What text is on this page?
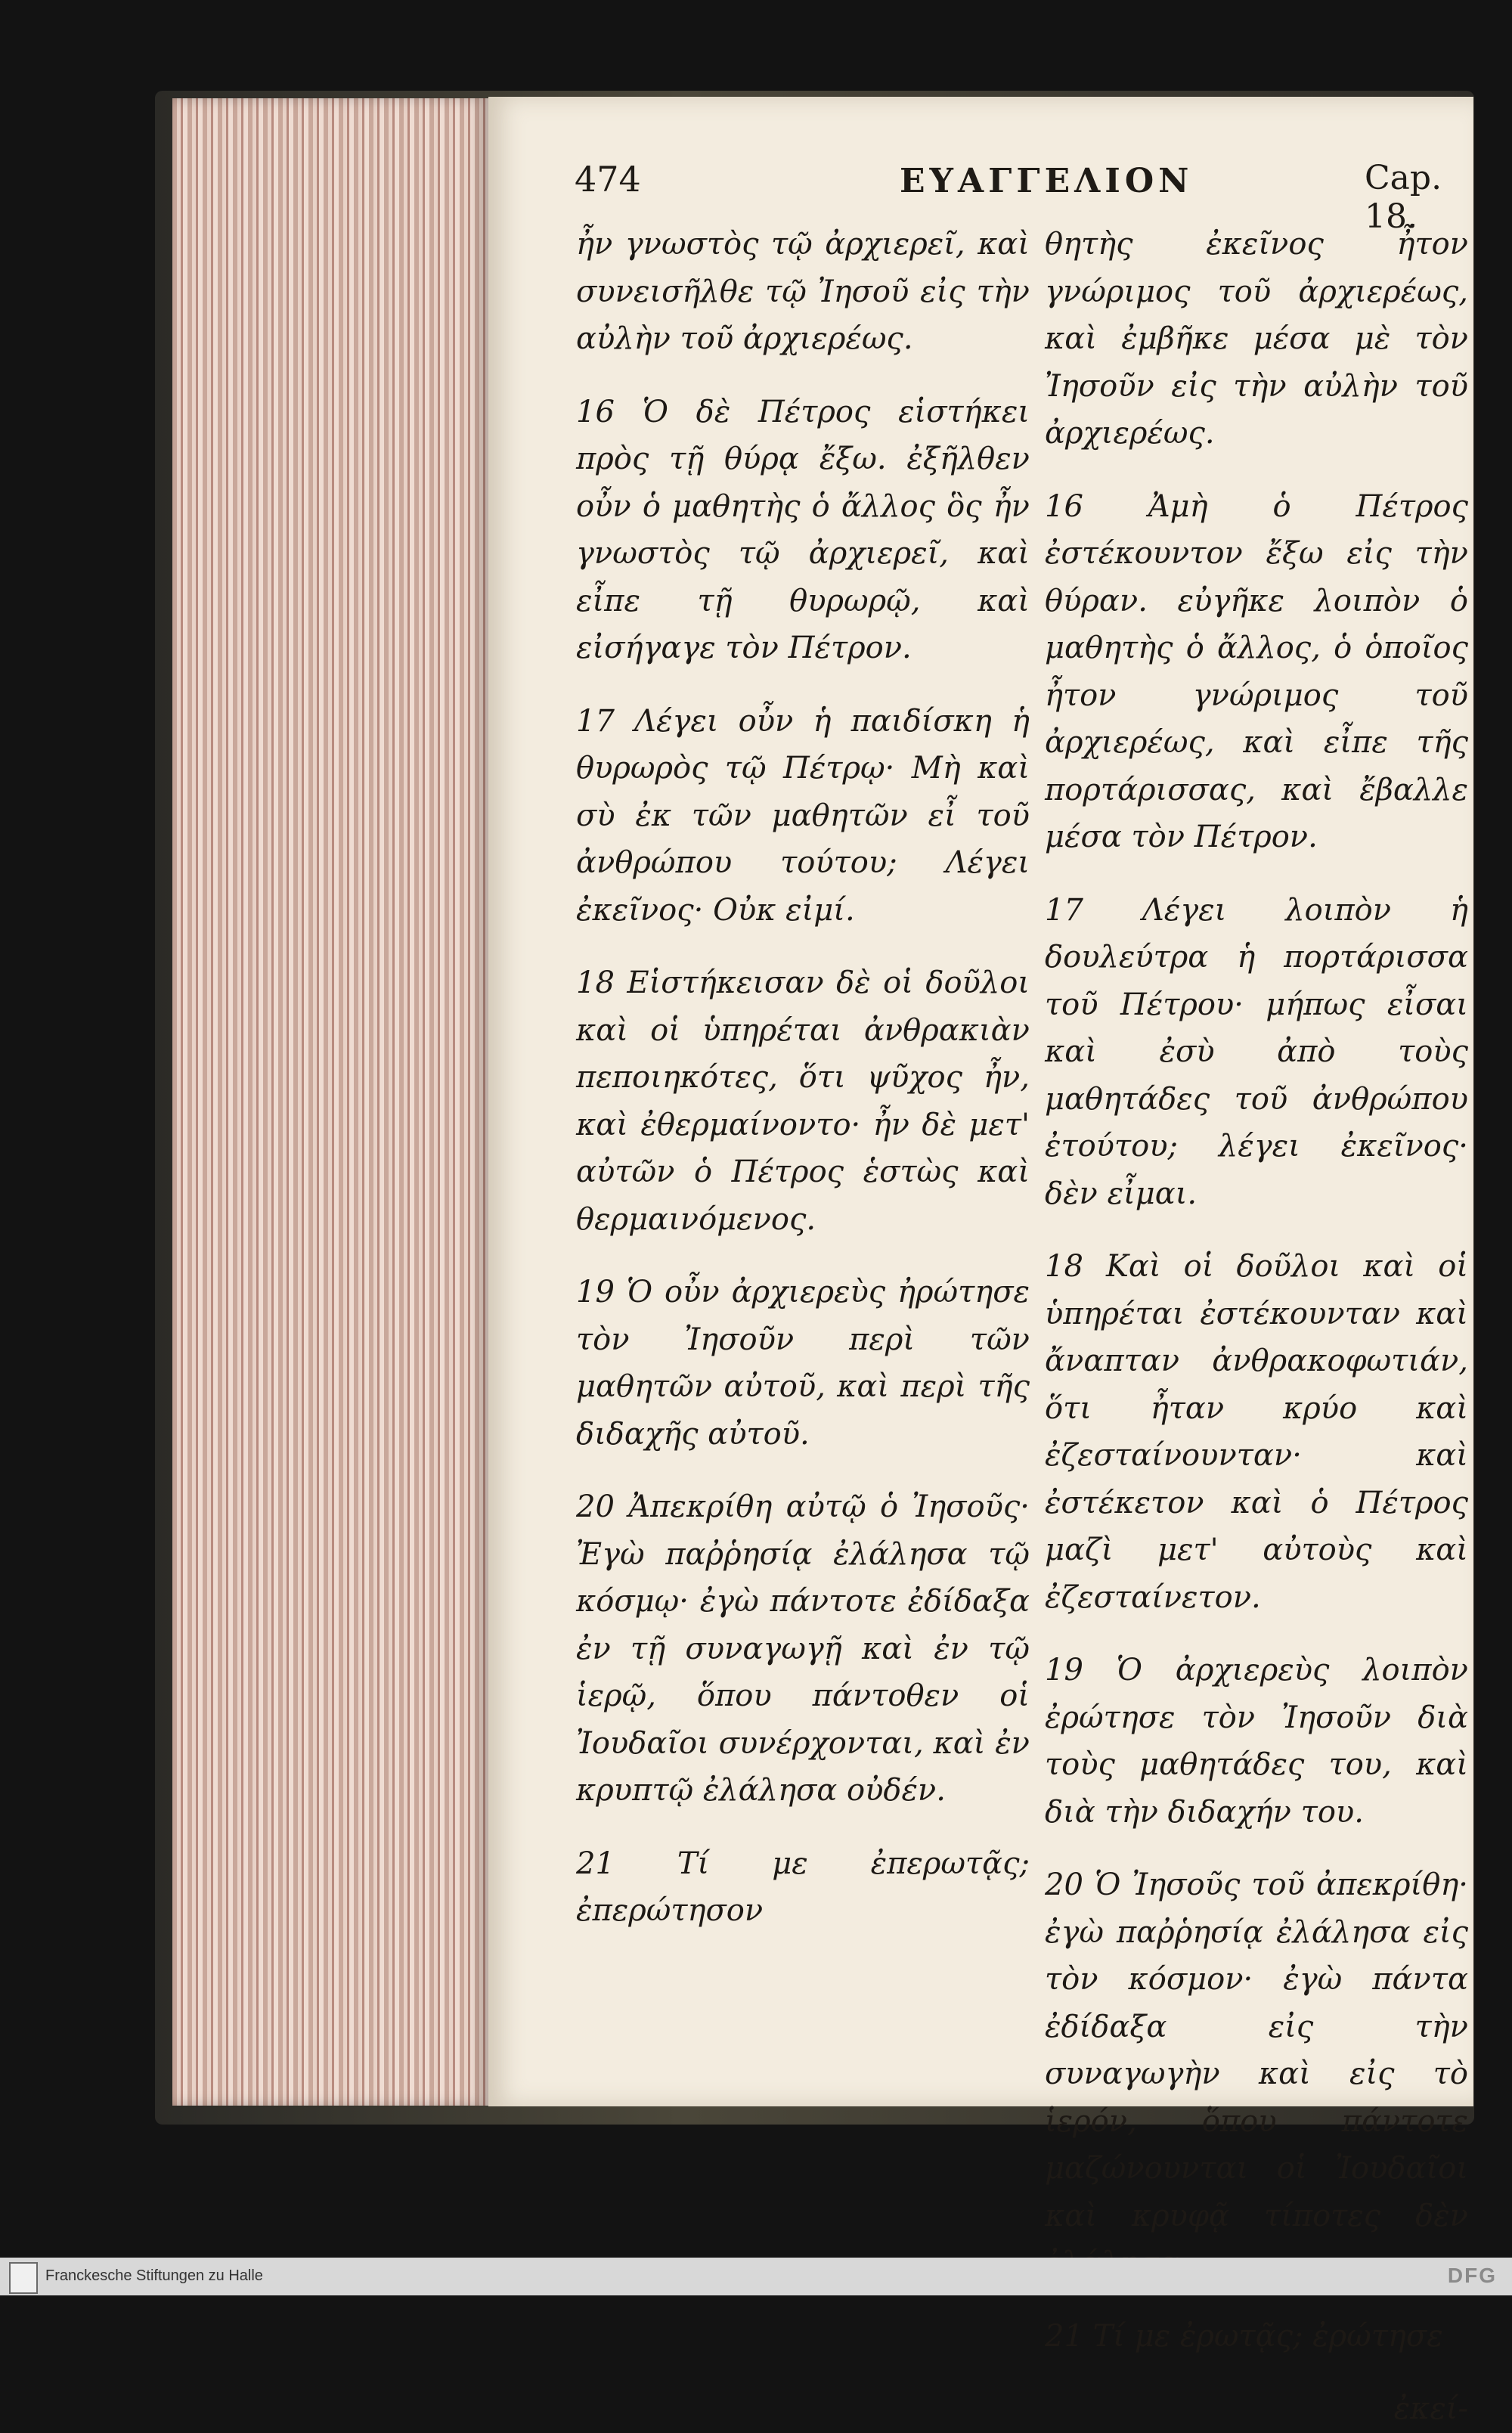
474	ΕΥΑΓΓΕΛΙΟΝ	Cap. 18.

ἦν γνωστὸς τῷ ἀρχιερεῖ, καὶ συνεισῆλθε τῷ Ἰησοῦ εἰς τὴν αὐλὴν τοῦ ἀρχιερέως.

16 Ὁ δὲ Πέτρος εἱστήκει πρὸς τῇ θύρᾳ ἔξω. ἐξῆλθεν οὖν ὁ μαθητὴς ὁ ἄλλος ὃς ἦν γνωστὸς τῷ ἀρχιερεῖ, καὶ εἶπε τῇ θυρωρῷ, καὶ εἰσήγαγε τὸν Πέτρον.

17 Λέγει οὖν ἡ παιδίσκη ἡ θυρωρὸς τῷ Πέτρῳ· Μὴ καὶ σὺ ἐκ τῶν μαθητῶν εἶ τοῦ ἀνθρώπου τούτου; Λέγει ἐκεῖνος· Οὐκ εἰμί.

18 Εἱστήκεισαν δὲ οἱ δοῦλοι καὶ οἱ ὑπηρέται ἀνθρακιὰν πεποιηκότες, ὅτι ψῦχος ἦν, καὶ ἐθερμαίνοντο· ἦν δὲ μετ' αὐτῶν ὁ Πέτρος ἑστὼς καὶ θερμαινόμενος.

19 Ὁ οὖν ἀρχιερεὺς ἠρώτησε τὸν Ἰησοῦν περὶ τῶν μαθητῶν αὐτοῦ, καὶ περὶ τῆς διδαχῆς αὐτοῦ.

20 Ἀπεκρίθη αὐτῷ ὁ Ἰησοῦς· Ἐγὼ παῤῥησίᾳ ἐλάλησα τῷ κόσμῳ· ἐγὼ πάντοτε ἐδίδαξα ἐν τῇ συναγωγῇ καὶ ἐν τῷ ἱερῷ, ὅπου πάντοθεν οἱ Ἰουδαῖοι συνέρχονται, καὶ ἐν κρυπτῷ ἐλάλησα οὐδέν.

21 Τί με ἐπερωτᾷς; ἐπερώτησον

θητὴς ἐκεῖνος ἦτον γνώριμος τοῦ ἀρχιερέως, καὶ ἐμβῆκε μέσα μὲ τὸν Ἰησοῦν εἰς τὴν αὐλὴν τοῦ ἀρχιερέως.

16 Ἀμὴ ὁ Πέτρος ἐστέκουντον ἔξω εἰς τὴν θύραν. εὐγῆκε λοιπὸν ὁ μαθητὴς ὁ ἄλλος, ὁ ὁποῖος ἦτον γνώριμος τοῦ ἀρχιερέως, καὶ εἶπε τῆς πορτάρισσας, καὶ ἔβαλλε μέσα τὸν Πέτρον.

17 Λέγει λοιπὸν ἡ δουλεύτρα ἡ πορτάρισσα τοῦ Πέτρου· μήπως εἶσαι καὶ ἐσὺ ἀπὸ τοὺς μαθητάδες τοῦ ἀνθρώπου ἐτούτου; λέγει ἐκεῖνος· δὲν εἶμαι.

18 Καὶ οἱ δοῦλοι καὶ οἱ ὑπηρέται ἐστέκουνταν καὶ ἄναπταν ἀνθρακοφωτιάν, ὅτι ἦταν κρύο καὶ ἐζεσταίνουνταν· καὶ ἐστέκετον καὶ ὁ Πέτρος μαζὶ μετ' αὐτοὺς καὶ ἐζεσταίνετον.

19 Ὁ ἀρχιερεὺς λοιπὸν ἐρώτησε τὸν Ἰησοῦν διὰ τοὺς μαθητάδες του, καὶ διὰ τὴν διδαχήν του.

20 Ὁ Ἰησοῦς τοῦ ἀπεκρίθη· ἐγὼ παῤῥησίᾳ ἐλάλησα εἰς τὸν κόσμον· ἐγὼ πάντα ἐδίδαξα εἰς τὴν συναγωγὴν καὶ εἰς τὸ ἱερόν, ὅπου πάντοτε μαζώνουνται οἱ Ἰουδαῖοι καὶ κρυφᾷ τίποτες δὲν

21 Τί με ἐρωτᾷς; ἐρώτησε

ἐκεί-

Franckesche Stiftungen zu Halle	DFG
